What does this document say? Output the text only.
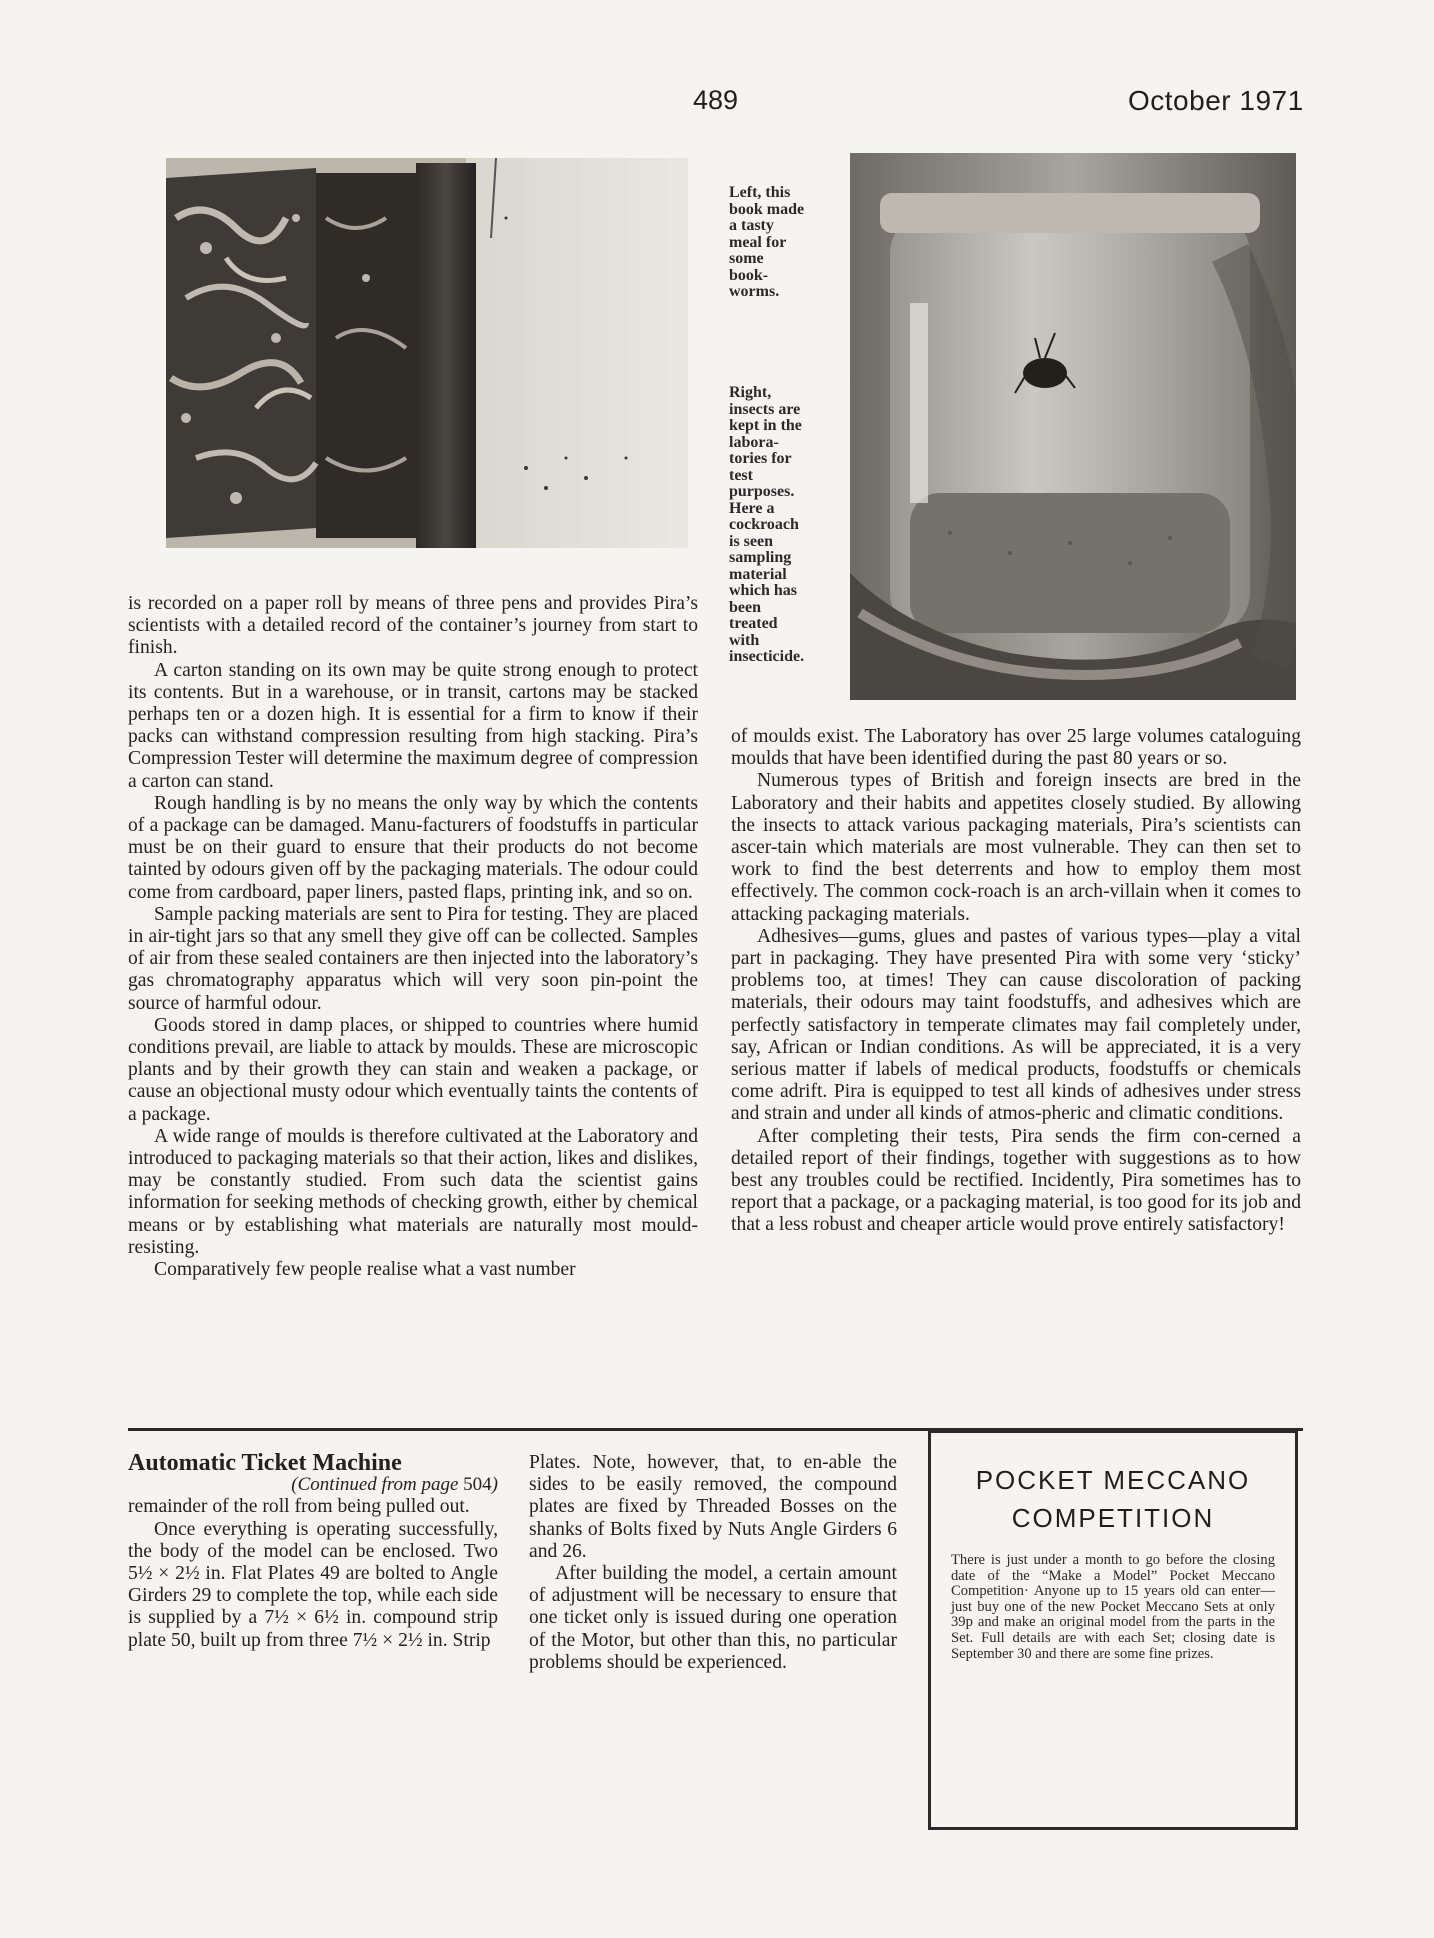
489	October 1971
Left, this
book made
a tasty
meal for
some
book-
worms.
Right,
insects are
kept in the
labora-
tories for
test
purposes.
Here a
cockroach
is seen
sampling
material
which has
been
treated
with
insecticide.

is recorded on a paper roll by means of three pens and provides Pira’s scientists with a detailed record of the container’s journey from start to finish.

A carton standing on its own may be quite strong enough to protect its contents. But in a warehouse, or in transit, cartons may be stacked perhaps ten or a dozen high. It is essential for a firm to know if their packs can withstand compression resulting from high stacking. Pira’s Compression Tester will determine the maximum degree of compression a carton can stand.

Rough handling is by no means the only way by which the contents of a package can be damaged. Manu-facturers of foodstuffs in particular must be on their guard to ensure that their products do not become tainted by odours given off by the packaging materials. The odour could come from cardboard, paper liners, pasted flaps, printing ink, and so on.

Sample packing materials are sent to Pira for testing. They are placed in air-tight jars so that any smell they give off can be collected. Samples of air from these sealed containers are then injected into the laboratory’s gas chromatography apparatus which will very soon pin-point the source of harmful odour.

Goods stored in damp places, or shipped to countries where humid conditions prevail, are liable to attack by moulds. These are microscopic plants and by their growth they can stain and weaken a package, or cause an objectional musty odour which eventually taints the contents of a package.

A wide range of moulds is therefore cultivated at the Laboratory and introduced to packaging materials so that their action, likes and dislikes, may be constantly studied. From such data the scientist gains information for seeking methods of checking growth, either by chemical means or by establishing what materials are naturally most mould-resisting.

Comparatively few people realise what a vast number

of moulds exist. The Laboratory has over 25 large volumes cataloguing moulds that have been identified during the past 80 years or so.

Numerous types of British and foreign insects are bred in the Laboratory and their habits and appetites closely studied. By allowing the insects to attack various packaging materials, Pira’s scientists can ascer-tain which materials are most vulnerable. They can then set to work to find the best deterrents and how to employ them most effectively. The common cock-roach is an arch-villain when it comes to attacking packaging materials.

Adhesives—gums, glues and pastes of various types—play a vital part in packaging. They have presented Pira with some very ‘sticky’ problems too, at times! They can cause discoloration of packing materials, their odours may taint foodstuffs, and adhesives which are perfectly satisfactory in temperate climates may fail completely under, say, African or Indian conditions. As will be appreciated, it is a very serious matter if labels of medical products, foodstuffs or chemicals come adrift. Pira is equipped to test all kinds of adhesives under stress and strain and under all kinds of atmos-pheric and climatic conditions.

After completing their tests, Pira sends the firm con-cerned a detailed report of their findings, together with suggestions as to how best any troubles could be rectified. Incidently, Pira sometimes has to report that a package, or a packaging material, is too good for its job and that a less robust and cheaper article would prove entirely satisfactory!

Automatic Ticket Machine

(Continued from page 504)

remainder of the roll from being pulled out.

Once everything is operating successfully, the body of the model can be enclosed. Two 5½ × 2½ in. Flat Plates 49 are bolted to Angle Girders 29 to complete the top, while each side is supplied by a 7½ × 6½ in. compound strip plate 50, built up from three 7½ × 2½ in. Strip

Plates. Note, however, that, to en-able the sides to be easily removed, the compound plates are fixed by Threaded Bosses on the shanks of Bolts fixed by Nuts Angle Girders 6 and 26.

After building the model, a certain amount of adjustment will be necessary to ensure that one ticket only is issued during one operation of the Motor, but other than this, no particular problems should be experienced.

POCKET MECCANO
COMPETITION

There is just under a month to go before the closing date of the “Make a Model” Pocket Meccano Competition· Anyone up to 15 years old can enter—just buy one of the new Pocket Meccano Sets at only 39p and make an original model from the parts in the Set. Full details are with each Set; closing date is September 30 and there are some fine prizes.
